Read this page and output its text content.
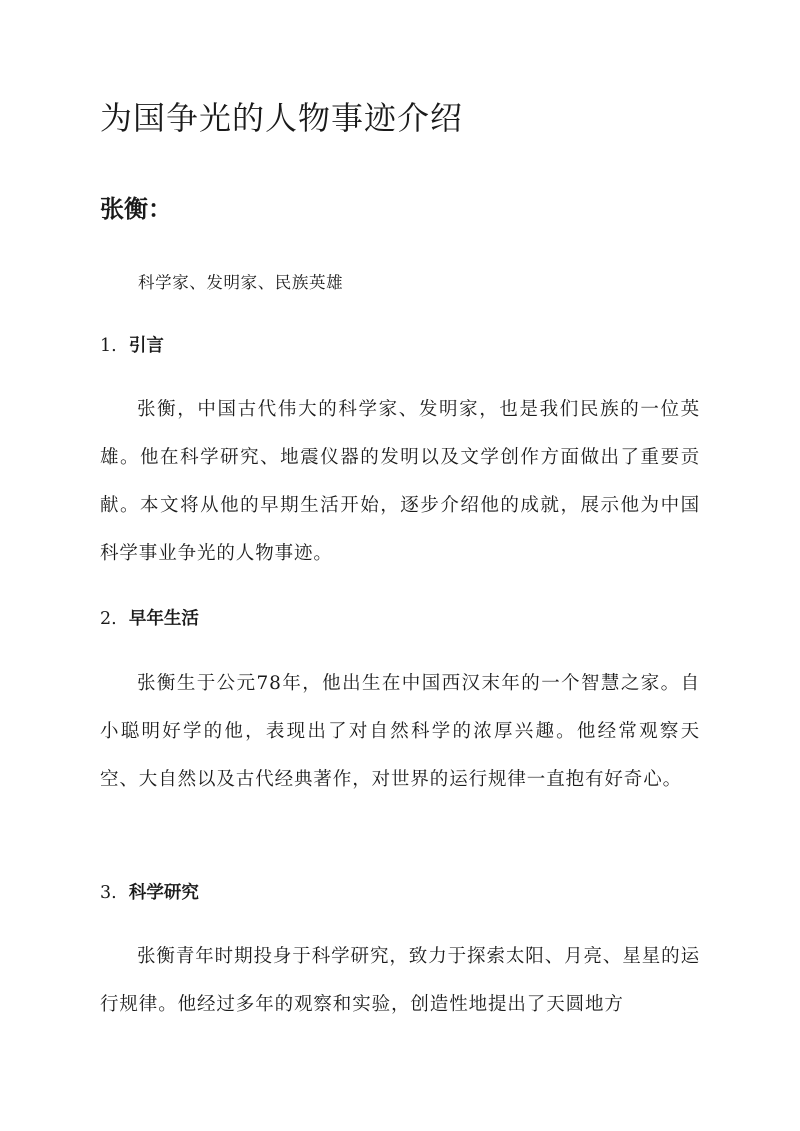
为国争光的人物事迹介绍
张衡：

科学家、发明家、民族英雄

1. 引言

张衡，中国古代伟大的科学家、发明家，也是我们民族的一位英雄。他在科学研究、地震仪器的发明以及文学创作方面做出了重要贡献。本文将从他的早期生活开始，逐步介绍他的成就，展示他为中国科学事业争光的人物事迹。

2. 早年生活

张衡生于公元78年，他出生在中国西汉末年的一个智慧之家。自小聪明好学的他，表现出了对自然科学的浓厚兴趣。他经常观察天空、大自然以及古代经典著作，对世界的运行规律一直抱有好奇心。

3. 科学研究

张衡青年时期投身于科学研究，致力于探索太阳、月亮、星星的运行规律。他经过多年的观察和实验，创造性地提出了天圆地方
